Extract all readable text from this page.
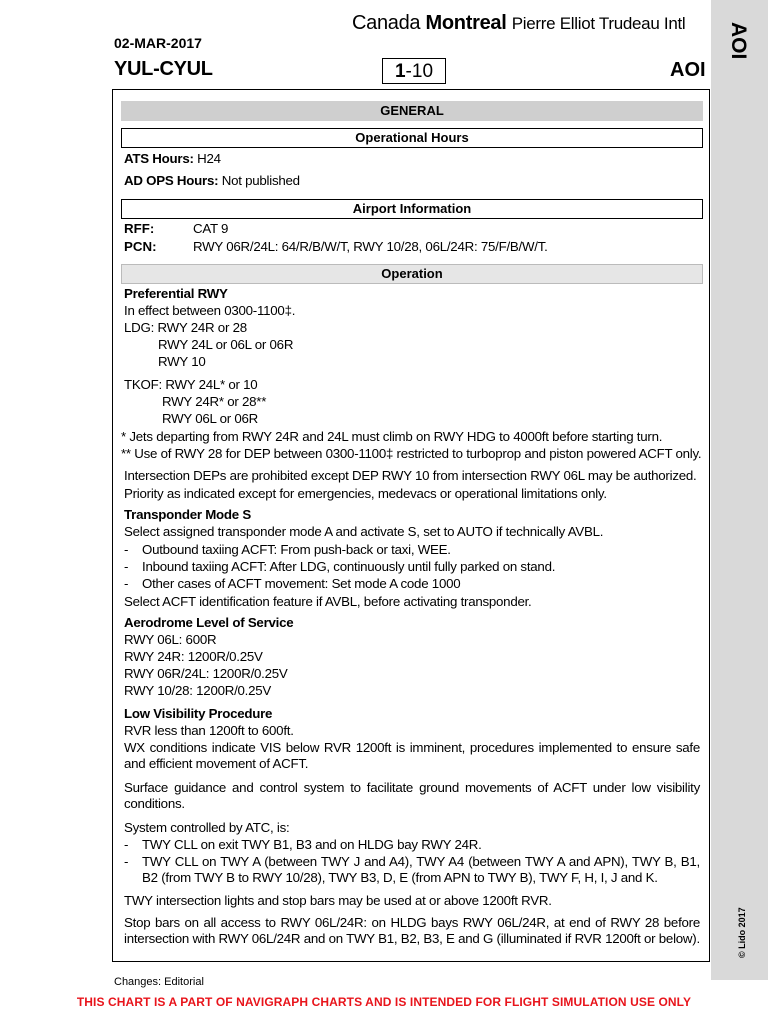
Canada Montreal Pierre Elliot Trudeau Intl
02-MAR-2017
YUL-CYUL	1-10	AOI
AOI
GENERAL
Operational Hours
Airport Information
Operation
ATS Hours: H24
AD OPS Hours: Not published
RFF:	CAT 9
PCN:	RWY 06R/24L: 64/R/B/W/T, RWY 10/28, 06L/24R: 75/F/B/W/T.
Preferential RWY
In effect between 0300-1100‡.
LDG: RWY 24R or 28
RWY 24L or 06L or 06R
RWY 10
TKOF: RWY 24L* or 10
RWY 24R* or 28**
RWY 06L or 06R
* Jets departing from RWY 24R and 24L must climb on RWY HDG to 4000ft before starting turn.
** Use of RWY 28 for DEP between 0300-1100‡ restricted to turboprop and piston powered ACFT only.
Intersection DEPs are prohibited except DEP RWY 10 from intersection RWY 06L may be authorized.
Priority as indicated except for emergencies, medevacs or operational limitations only.
Transponder Mode S
Select assigned transponder mode A and activate S, set to AUTO if technically AVBL.
- Outbound taxiing ACFT: From push-back or taxi, WEE.
- Inbound taxiing ACFT: After LDG, continuously until fully parked on stand.
- Other cases of ACFT movement: Set mode A code 1000
Select ACFT identification feature if AVBL, before activating transponder.
Aerodrome Level of Service
RWY 06L: 600R
RWY 24R: 1200R/0.25V
RWY 06R/24L: 1200R/0.25V
RWY 10/28: 1200R/0.25V
Low Visibility Procedure
RVR less than 1200ft to 600ft.
WX conditions indicate VIS below RVR 1200ft is imminent, procedures implemented to ensure safe and efficient movement of ACFT.
Surface guidance and control system to facilitate ground movements of ACFT under low visibility conditions.
System controlled by ATC, is:
- TWY CLL on exit TWY B1, B3 and on HLDG bay RWY 24R.
-	TWY CLL on TWY A (between TWY J and A4), TWY A4 (between TWY A and APN), TWY B, B1, B2 (from TWY B to RWY 10/28), TWY B3, D, E (from APN to TWY B), TWY F, H, I, J and K.
TWY intersection lights and stop bars may be used at or above 1200ft RVR.
Stop bars on all access to RWY 06L/24R: on HLDG bays RWY 06L/24R, at end of RWY 28 before intersection with RWY 06L/24R and on TWY B1, B2, B3, E and G (illuminated if RVR 1200ft or below).	© Lido 2017
Changes: Editorial
THIS CHART IS A PART OF NAVIGRAPH CHARTS AND IS INTENDED FOR FLIGHT SIMULATION USE ONLY
